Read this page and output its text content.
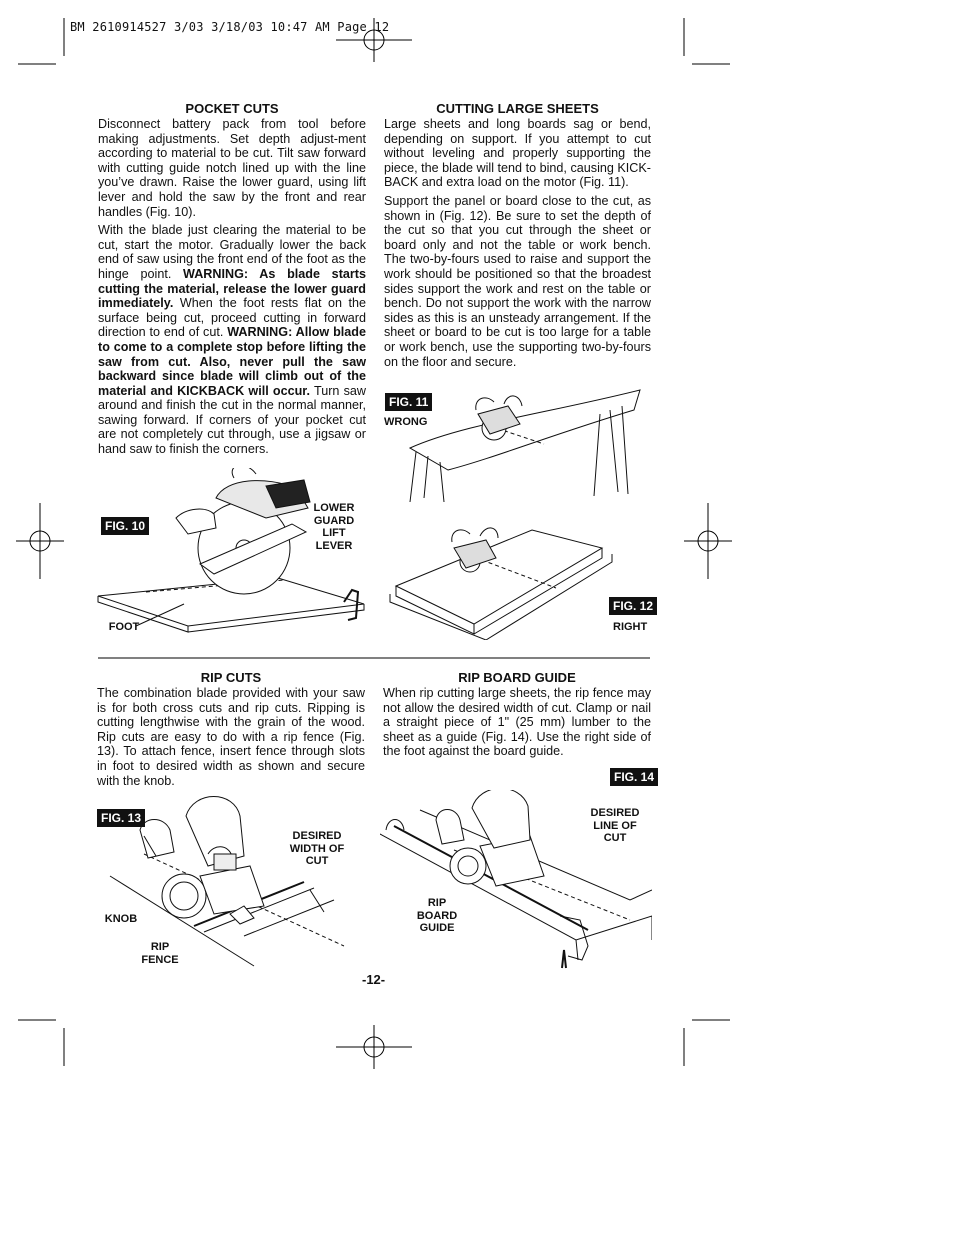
BM 2610914527 3/03 3/18/03 10:47 AM Page 12
POCKET CUTS

Disconnect battery pack from tool before making adjustments. Set depth adjust-ment according to material to be cut. Tilt saw forward with cutting guide notch lined up with the line you’ve drawn. Raise the lower guard, using lift lever and hold the saw by the front and rear handles (Fig. 10).

With the blade just clearing the material to be cut, start the motor. Gradually lower the back end of saw using the front end of the foot as the hinge point. WARNING: As blade starts cutting the material, release the lower guard immediately. When the foot rests flat on the surface being cut, proceed cutting in forward direction to end of cut. WARNING: Allow blade to come to a complete stop before lifting the saw from cut. Also, never pull the saw backward since blade will climb out of the material and KICKBACK will occur. Turn saw around and finish the cut in the normal manner, sawing forward. If corners of your pocket cut are not completely cut through, use a jigsaw or hand saw to finish the corners.

CUTTING LARGE SHEETS

Large sheets and long boards sag or bend, depending on support. If you attempt to cut without leveling and properly supporting the piece, the blade will tend to bind, causing KICK-BACK and extra load on the motor (Fig. 11).

Support the panel or board close to the cut, as shown in (Fig. 12). Be sure to set the depth of the cut so that you cut through the sheet or board only and not the table or work bench. The two-by-fours used to raise and support the work should be positioned so that the broadest sides support the work and rest on the table or bench. Do not support the work with the narrow sides as this is an unsteady arrangement. If the sheet or board to be cut is too large for a table or work bench, use the supporting two-by-fours on the floor and secure.

FIG. 10
LOWER GUARD LIFT LEVER
FOOT
FIG. 11
WRONG
FIG. 12
RIGHT
RIP CUTS

The combination blade provided with your saw is for both cross cuts and rip cuts. Ripping is cutting lengthwise with the grain of the wood. Rip cuts are easy to do with a rip fence (Fig. 13). To attach fence, insert fence through slots in foot to desired width as shown and secure with the knob.

RIP BOARD GUIDE

When rip cutting large sheets, the rip fence may not allow the desired width of cut. Clamp or nail a straight piece of 1" (25 mm) lumber to the sheet as a guide (Fig. 14). Use the right side of the foot against the board guide.

FIG. 13
DESIRED WIDTH OF CUT
KNOB
RIP FENCE
FIG. 14
DESIRED LINE OF CUT
RIP BOARD GUIDE
-12-
